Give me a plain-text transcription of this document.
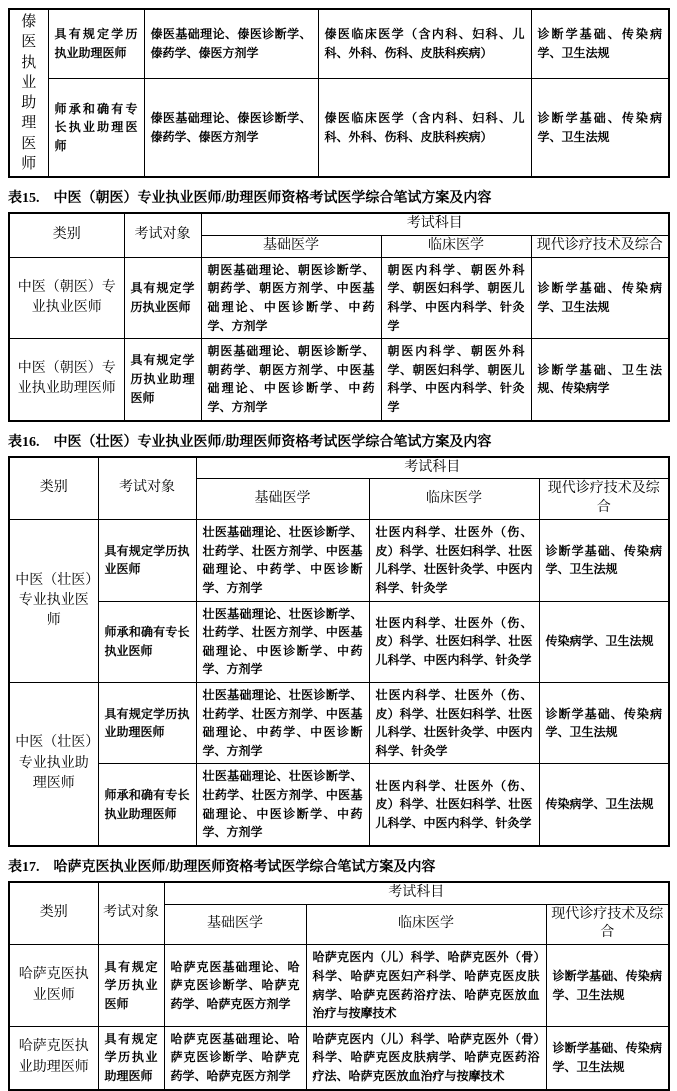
傣医执业助理医师	具有规定学历执业助理医师	傣医基础理论、傣医诊断学、傣药学、傣医方剂学	傣医临床医学（含内科、妇科、儿科、外科、伤科、皮肤科疾病）	诊断学基础、传染病学、卫生法规
	师承和确有专长执业助理医师	傣医基础理论、傣医诊断学、傣药学、傣医方剂学	傣医临床医学（含内科、妇科、儿科、外科、伤科、皮肤科疾病）	诊断学基础、传染病学、卫生法规
表15. 中医（朝医）专业执业医师/助理医师资格考试医学综合笔试方案及内容
类别	考试对象	考试科目		
		基础医学	临床医学	现代诊疗技术及综合
中医（朝医）专业执业医师	具有规定学历执业医师	朝医基础理论、朝医诊断学、朝药学、朝医方剂学、中医基础理论、中医诊断学、中药学、方剂学	朝医内科学、朝医外科学、朝医妇科学、朝医儿科学、中医内科学、针灸学	诊断学基础、传染病学、卫生法规
中医（朝医）专业执业助理医师	具有规定学历执业助理医师	朝医基础理论、朝医诊断学、朝药学、朝医方剂学、中医基础理论、中医诊断学、中药学、方剂学	朝医内科学、朝医外科学、朝医妇科学、朝医儿科学、中医内科学、针灸学	诊断学基础、卫生法规、传染病学
表16. 中医（壮医）专业执业医师/助理医师资格考试医学综合笔试方案及内容
类别	考试对象	考试科目		
		基础医学	临床医学	现代诊疗技术及综合
中医（壮医）专业执业医师	具有规定学历执业医师	壮医基础理论、壮医诊断学、壮药学、壮医方剂学、中医基础理论、中药学、中医诊断学、方剂学	壮医内科学、壮医外（伤、皮）科学、壮医妇科学、壮医儿科学、壮医针灸学、中医内科学、针灸学	诊断学基础、传染病学、卫生法规
	师承和确有专长执业医师	壮医基础理论、壮医诊断学、壮药学、壮医方剂学、中医基础理论、中医诊断学、中药学、方剂学	壮医内科学、壮医外（伤、皮）科学、壮医妇科学、壮医儿科学、中医内科学、针灸学	传染病学、卫生法规
中医（壮医）专业执业助理医师	具有规定学历执业助理医师	壮医基础理论、壮医诊断学、壮药学、壮医方剂学、中医基础理论、中药学、中医诊断学、方剂学	壮医内科学、壮医外（伤、皮）科学、壮医妇科学、壮医儿科学、壮医针灸学、中医内科学、针灸学	诊断学基础、传染病学、卫生法规
	师承和确有专长执业助理医师	壮医基础理论、壮医诊断学、壮药学、壮医方剂学、中医基础理论、中医诊断学、中药学、方剂学	壮医内科学、壮医外（伤、皮）科学、壮医妇科学、壮医儿科学、中医内科学、针灸学	传染病学、卫生法规
表17. 哈萨克医执业医师/助理医师资格考试医学综合笔试方案及内容
类别	考试对象	考试科目		
		基础医学	临床医学	现代诊疗技术及综合
哈萨克医执业医师	具有规定学历执业医师	哈萨克医基础理论、哈萨克医诊断学、哈萨克药学、哈萨克医方剂学	哈萨克医内（儿）科学、哈萨克医外（骨）科学、哈萨克医妇产科学、哈萨克医皮肤病学、哈萨克医药浴疗法、哈萨克医放血治疗与按摩技术	诊断学基础、传染病学、卫生法规
哈萨克医执业助理医师	具有规定学历执业助理医师	哈萨克医基础理论、哈萨克医诊断学、哈萨克药学、哈萨克医方剂学	哈萨克医内（儿）科学、哈萨克医外（骨）科学、哈萨克医皮肤病学、哈萨克医药浴疗法、哈萨克医放血治疗与按摩技术	诊断学基础、传染病学、卫生法规
